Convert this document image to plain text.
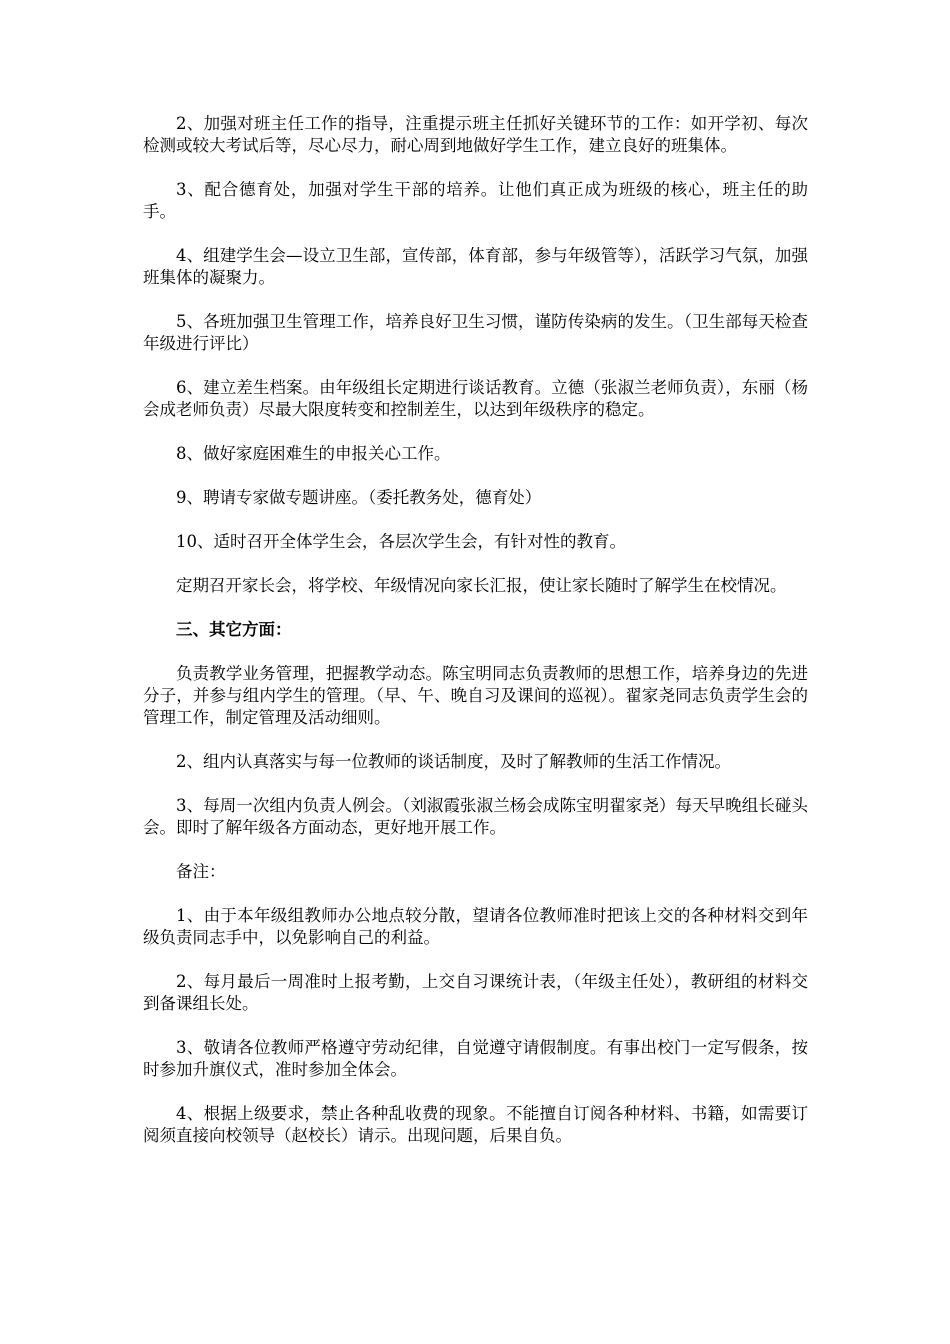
2、加强对班主任工作的指导，注重提示班主任抓好关键环节的工作：如开学初、每次检测或较大考试后等，尽心尽力，耐心周到地做好学生工作，建立良好的班集体。

3、配合德育处，加强对学生干部的培养。让他们真正成为班级的核心，班主任的助手。

4、组建学生会—设立卫生部，宣传部，体育部，参与年级管等），活跃学习气氛，加强班集体的凝聚力。

5、各班加强卫生管理工作，培养良好卫生习惯，谨防传染病的发生。（卫生部每天检查年级进行评比）

6、建立差生档案。由年级组长定期进行谈话教育。立德（张淑兰老师负责），东丽（杨会成老师负责）尽最大限度转变和控制差生，以达到年级秩序的稳定。

8、做好家庭困难生的申报关心工作。

9、聘请专家做专题讲座。（委托教务处，德育处）

10、适时召开全体学生会，各层次学生会，有针对性的教育。

定期召开家长会，将学校、年级情况向家长汇报，使让家长随时了解学生在校情况。

三、其它方面：

负责教学业务管理，把握教学动态。陈宝明同志负责教师的思想工作，培养身边的先进分子，并参与组内学生的管理。（早、午、晚自习及课间的巡视）。翟家尧同志负责学生会的管理工作，制定管理及活动细则。

2、组内认真落实与每一位教师的谈话制度，及时了解教师的生活工作情况。

3、每周一次组内负责人例会。（刘淑霞张淑兰杨会成陈宝明翟家尧）每天早晚组长碰头会。即时了解年级各方面动态，更好地开展工作。

备注：

1、由于本年级组教师办公地点较分散，望请各位教师准时把该上交的各种材料交到年级负责同志手中，以免影响自己的利益。

2、每月最后一周准时上报考勤，上交自习课统计表，（年级主任处），教研组的材料交到备课组长处。

3、敬请各位教师严格遵守劳动纪律，自觉遵守请假制度。有事出校门一定写假条，按时参加升旗仪式，准时参加全体会。

4、根据上级要求，禁止各种乱收费的现象。不能擅自订阅各种材料、书籍，如需要订阅须直接向校领导（赵校长）请示。出现问题，后果自负。
